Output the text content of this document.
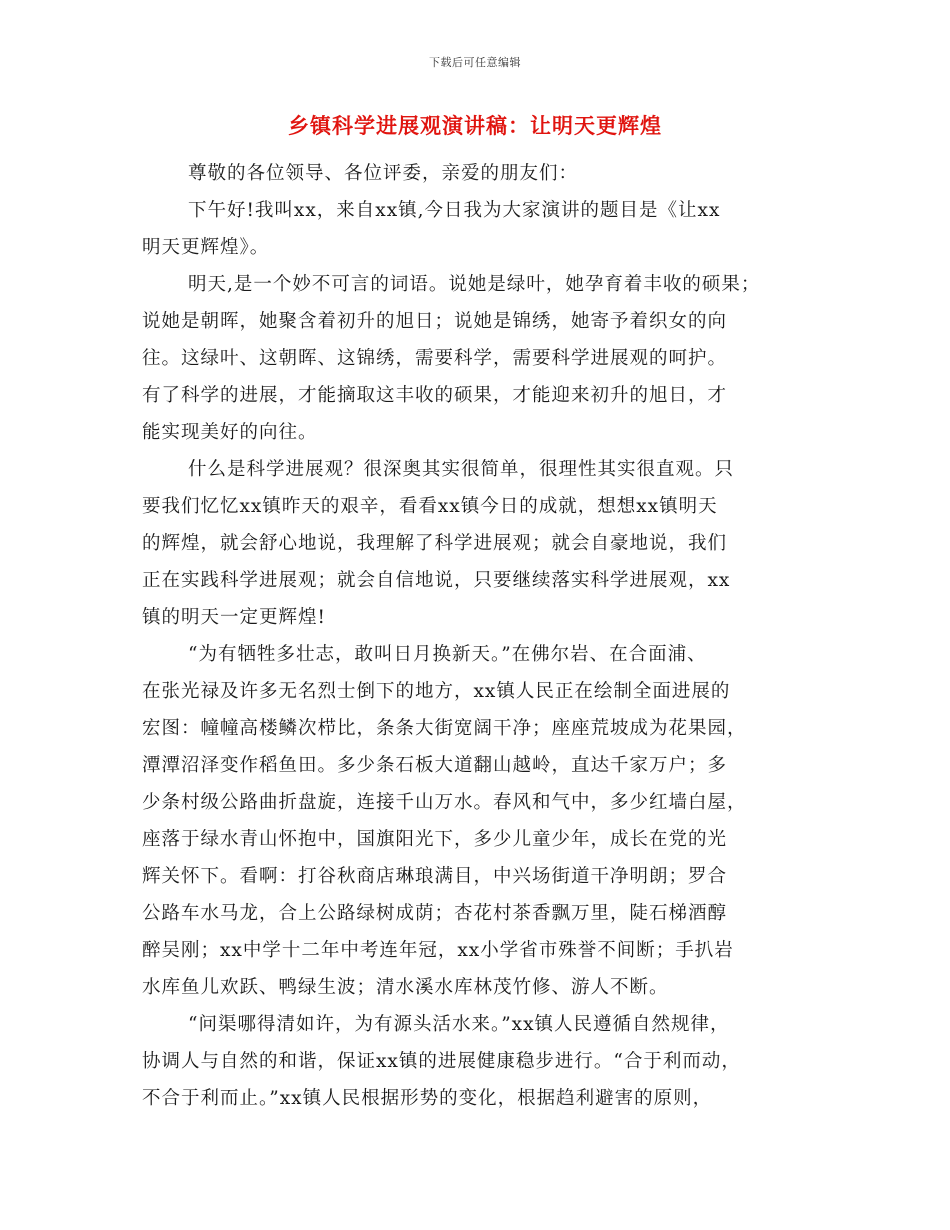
下载后可任意编辑
乡镇科学进展观演讲稿：让明天更辉煌
尊敬的各位领导、各位评委，亲爱的朋友们：
下午好!我叫xx，来自xx镇,今日我为大家演讲的题目是《让xx
明天更辉煌》。
明天,是一个妙不可言的词语。说她是绿叶，她孕育着丰收的硕果；
说她是朝晖，她聚含着初升的旭日；说她是锦绣，她寄予着织女的向
往。这绿叶、这朝晖、这锦绣，需要科学，需要科学进展观的呵护。
有了科学的进展，才能摘取这丰收的硕果，才能迎来初升的旭日，才
能实现美好的向往。
什么是科学进展观？很深奥其实很简单，很理性其实很直观。只
要我们忆忆xx镇昨天的艰辛，看看xx镇今日的成就，想想xx镇明天
的辉煌，就会舒心地说，我理解了科学进展观；就会自豪地说，我们
正在实践科学进展观；就会自信地说，只要继续落实科学进展观，xx
镇的明天一定更辉煌!
“为有牺牲多壮志，敢叫日月换新天。”在佛尔岩、在合面浦、
在张光禄及许多无名烈士倒下的地方，xx镇人民正在绘制全面进展的
宏图：幢幢高楼鳞次栉比，条条大街宽阔干净；座座荒坡成为花果园，
潭潭沼泽变作稻鱼田。多少条石板大道翻山越岭，直达千家万户；多
少条村级公路曲折盘旋，连接千山万水。春风和气中，多少红墙白屋，
座落于绿水青山怀抱中，国旗阳光下，多少儿童少年，成长在党的光
辉关怀下。看啊：打谷秋商店琳琅满目，中兴场街道干净明朗；罗合
公路车水马龙，合上公路绿树成荫；杏花村茶香飘万里，陡石梯酒醇
醉吴刚；xx中学十二年中考连年冠，xx小学省市殊誉不间断；手扒岩
水库鱼儿欢跃、鸭绿生波；清水溪水库林茂竹修、游人不断。
“问渠哪得清如许，为有源头活水来。”xx镇人民遵循自然规律，
协调人与自然的和谐，保证xx镇的进展健康稳步进行。“合于利而动，
不合于利而止。”xx镇人民根据形势的变化，根据趋利避害的原则，
